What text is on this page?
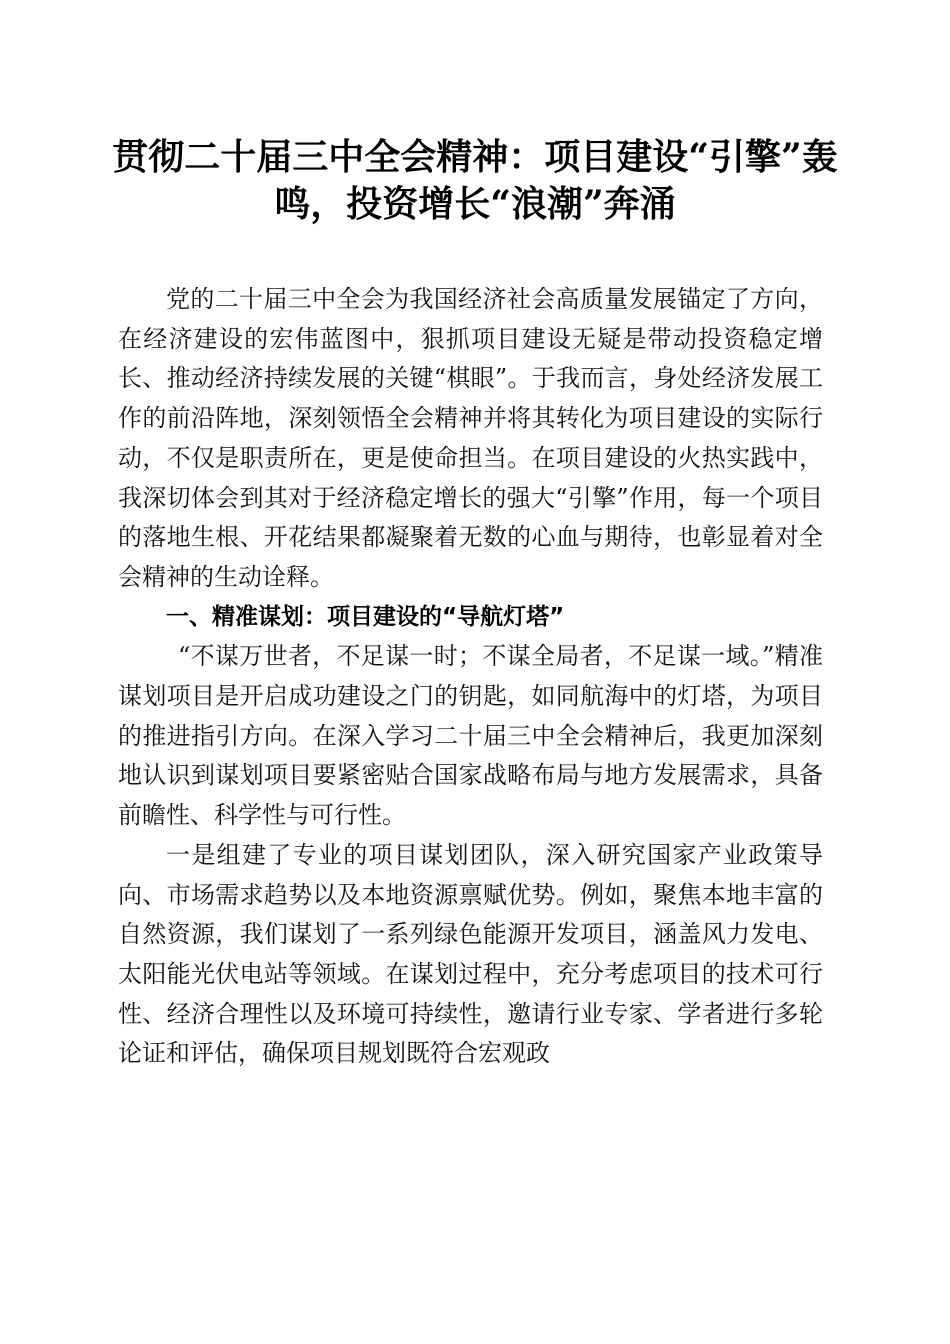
贯彻二十届三中全会精神：项目建设“引擎”轰鸣，投资增长“浪潮”奔涌

党的二十届三中全会为我国经济社会高质量发展锚定了方向，在经济建设的宏伟蓝图中，狠抓项目建设无疑是带动投资稳定增长、推动经济持续发展的关键“棋眼”。于我而言，身处经济发展工作的前沿阵地，深刻领悟全会精神并将其转化为项目建设的实际行动，不仅是职责所在，更是使命担当。在项目建设的火热实践中，我深切体会到其对于经济稳定增长的强大“引擎”作用，每一个项目的落地生根、开花结果都凝聚着无数的心血与期待，也彰显着对全会精神的生动诠释。

一、精准谋划：项目建设的“导航灯塔”

“不谋万世者，不足谋一时；不谋全局者，不足谋一域。”精准谋划项目是开启成功建设之门的钥匙，如同航海中的灯塔，为项目的推进指引方向。在深入学习二十届三中全会精神后，我更加深刻地认识到谋划项目要紧密贴合国家战略布局与地方发展需求，具备前瞻性、科学性与可行性。

一是组建了专业的项目谋划团队，深入研究国家产业政策导向、市场需求趋势以及本地资源禀赋优势。例如，聚焦本地丰富的自然资源，我们谋划了一系列绿色能源开发项目，涵盖风力发电、太阳能光伏电站等领域。在谋划过程中，充分考虑项目的技术可行性、经济合理性以及环境可持续性，邀请行业专家、学者进行多轮论证和评估，确保项目规划既符合宏观政
